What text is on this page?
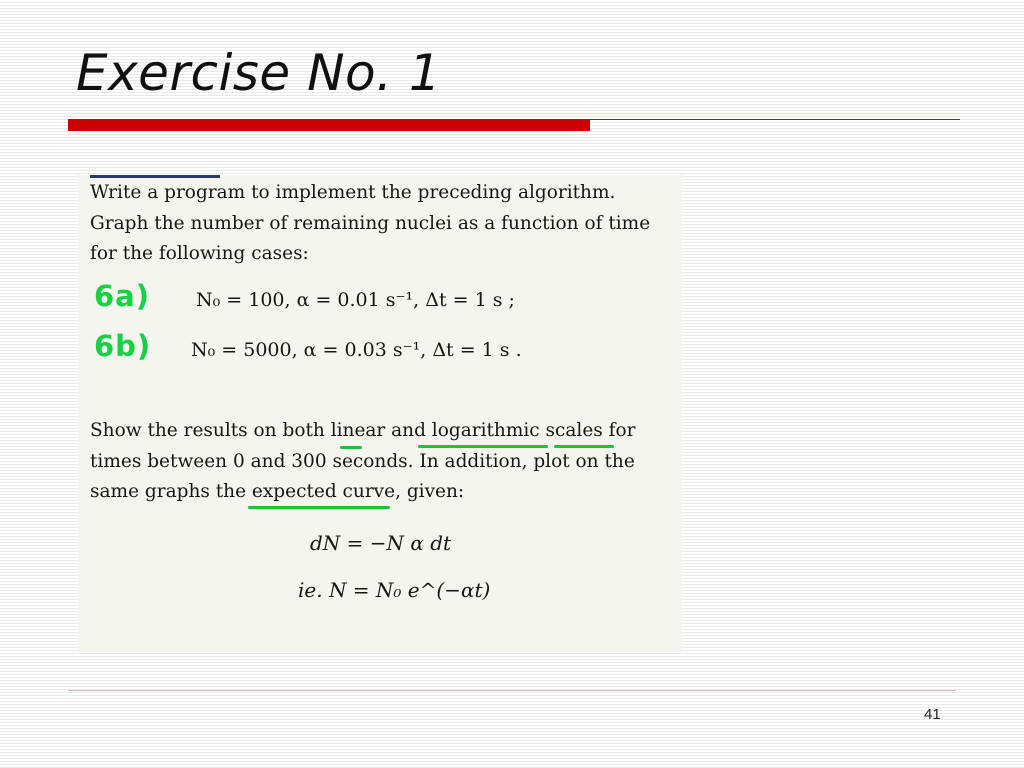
Exercise No. 1

Write a program to implement the preceding algorithm.
Graph the number of remaining nuclei as a function of time
for the following cases:

6a) N₀ = 100, α = 0.01 s⁻¹, Δt = 1 s ;
6b) N₀ = 5000, α = 0.03 s⁻¹, Δt = 1 s .

Show the results on both linear and logarithmic scales for
times between 0 and 300 seconds. In addition, plot on the
same graphs the expected curve, given:

dN = −N α dt
ie. N = N₀ e^(−αt)
41
